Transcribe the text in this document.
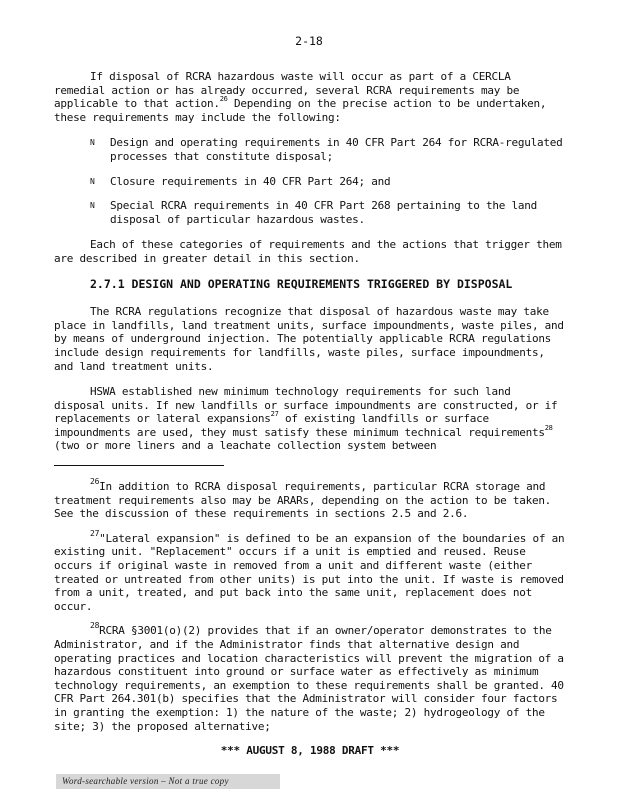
2-18

If disposal of RCRA hazardous waste will occur as part of a CERCLA remedial action or has already occurred, several RCRA requirements may be applicable to that action.$^{26}$ Depending on the precise action to be undertaken, these requirements may include the following:

N Design and operating requirements in 40 CFR Part 264 for RCRA-regulated processes that constitute disposal;
N Closure requirements in 40 CFR Part 264; and
N Special RCRA requirements in 40 CFR Part 268 pertaining to the land disposal of particular hazardous wastes.

Each of these categories of requirements and the actions that trigger them are described in greater detail in this section.

2.7.1 DESIGN AND OPERATING REQUIREMENTS TRIGGERED BY DISPOSAL

The RCRA regulations recognize that disposal of hazardous waste may take place in landfills, land treatment units, surface impoundments, waste piles, and by means of underground injection. The potentially applicable RCRA regulations include design requirements for landfills, waste piles, surface impoundments, and land treatment units.

HSWA established new minimum technology requirements for such land disposal units. If new landfills or surface impoundments are constructed, or if replacements or lateral expansions$^{27}$ of existing landfills or surface impoundments are used, they must satisfy these minimum technical requirements$^{28}$ (two or more liners and a leachate collection system between

$^{26}$In addition to RCRA disposal requirements, particular RCRA storage and treatment requirements also may be ARARs, depending on the action to be taken. See the discussion of these requirements in sections 2.5 and 2.6.

$^{27}$"Lateral expansion" is defined to be an expansion of the boundaries of an existing unit. "Replacement" occurs if a unit is emptied and reused. Reuse occurs if original waste in removed from a unit and different waste (either treated or untreated from other units) is put into the unit. If waste is removed from a unit, treated, and put back into the same unit, replacement does not occur.

$^{28}$RCRA §3001(o)(2) provides that if an owner/operator demonstrates to the Administrator, and if the Administrator finds that alternative design and operating practices and location characteristics will prevent the migration of a hazardous constituent into ground or surface water as effectively as minimum technology requirements, an exemption to these requirements shall be granted. 40 CFR Part 264.301(b) specifies that the Administrator will consider four factors in granting the exemption: 1) the nature of the waste; 2) hydrogeology of the site; 3) the proposed alternative;

*** AUGUST 8, 1988 DRAFT ***
Word-searchable version – Not a true copy
